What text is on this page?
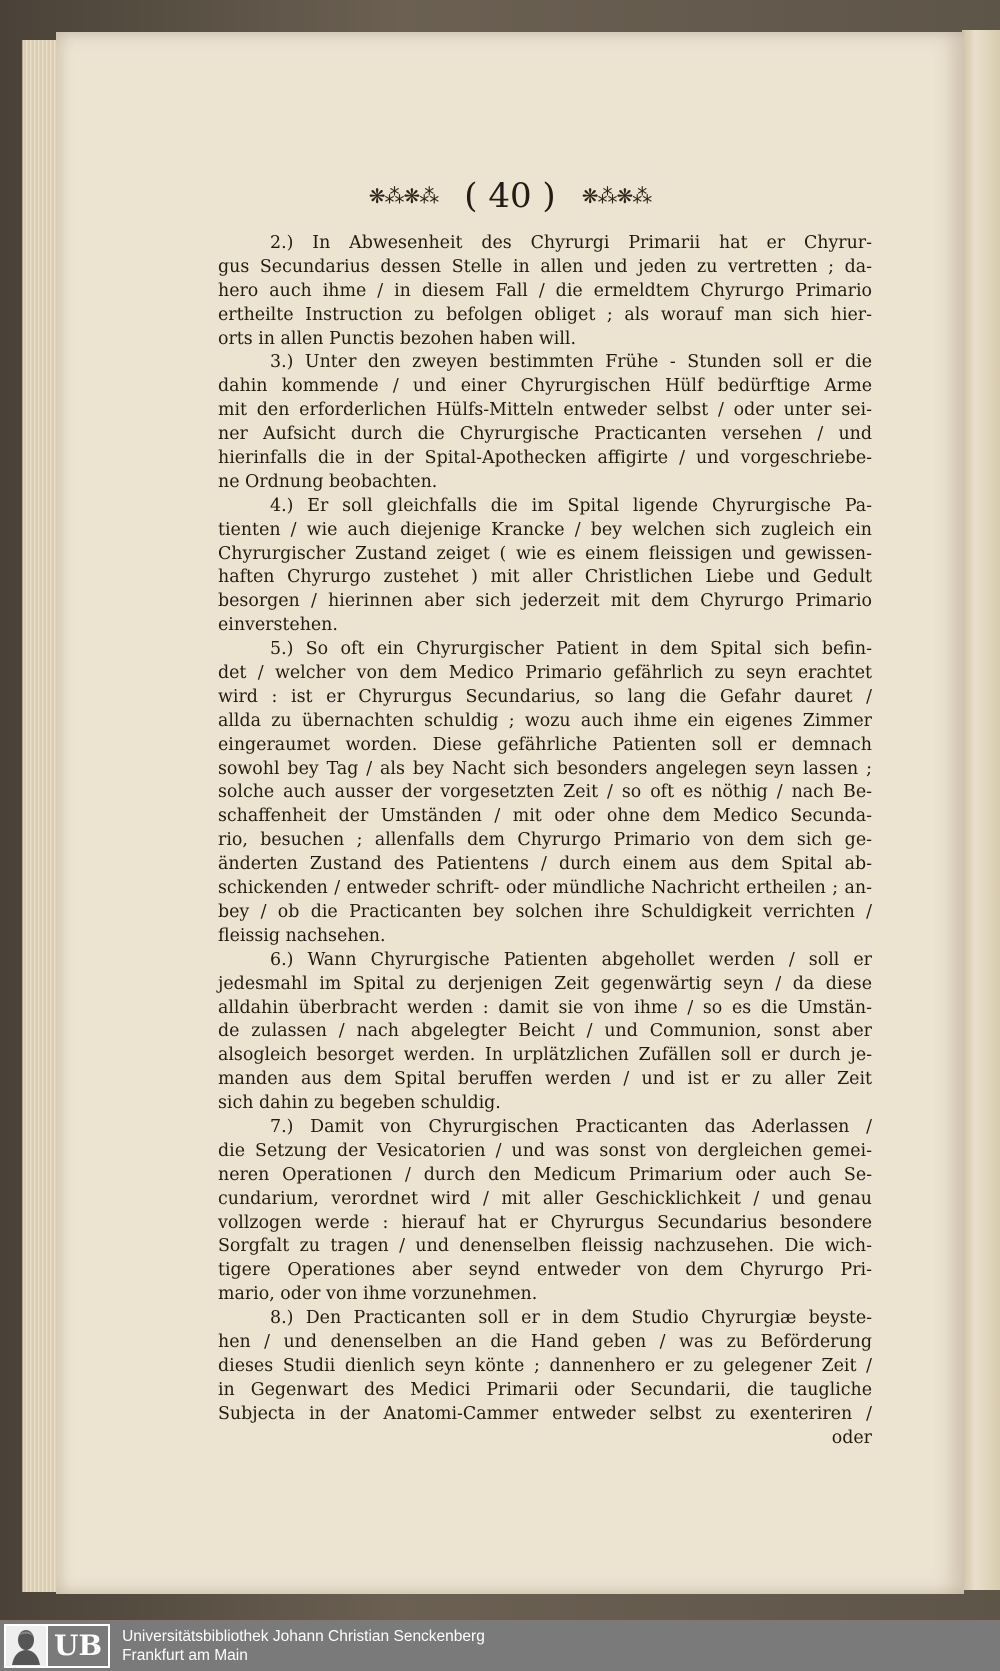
❋⁂❋⁂ ( 40 ) ❋⁂❋⁂
2.) In Abwesenheit des Chyrurgi Primarii hat er Chyrur-
gus Secundarius dessen Stelle in allen und jeden zu vertretten ; da-
hero auch ihme / in diesem Fall / die ermeldtem Chyrurgo Primario
ertheilte Instruction zu befolgen obliget ; als worauf man sich hier-
orts in allen Punctis bezohen haben will.
3.) Unter den zweyen bestimmten Frühe - Stunden soll er die
dahin kommende / und einer Chyrurgischen Hülf bedürftige Arme
mit den erforderlichen Hülfs-Mitteln entweder selbst / oder unter sei-
ner Aufsicht durch die Chyrurgische Practicanten versehen / und
hierinfalls die in der Spital-Apothecken affigirte / und vorgeschriebe-
ne Ordnung beobachten.
4.) Er soll gleichfalls die im Spital ligende Chyrurgische Pa-
tienten / wie auch diejenige Krancke / bey welchen sich zugleich ein
Chyrurgischer Zustand zeiget ( wie es einem fleissigen und gewissen-
haften Chyrurgo zustehet ) mit aller Christlichen Liebe und Gedult
besorgen / hierinnen aber sich jederzeit mit dem Chyrurgo Primario
einverstehen.
5.) So oft ein Chyrurgischer Patient in dem Spital sich befin-
det / welcher von dem Medico Primario gefährlich zu seyn erachtet
wird : ist er Chyrurgus Secundarius, so lang die Gefahr dauret /
allda zu übernachten schuldig ; wozu auch ihme ein eigenes Zimmer
eingeraumet worden. Diese gefährliche Patienten soll er demnach
sowohl bey Tag / als bey Nacht sich besonders angelegen seyn lassen ;
solche auch ausser der vorgesetzten Zeit / so oft es nöthig / nach Be-
schaffenheit der Umständen / mit oder ohne dem Medico Secunda-
rio, besuchen ; allenfalls dem Chyrurgo Primario von dem sich ge-
änderten Zustand des Patientens / durch einem aus dem Spital ab-
schickenden / entweder schrift- oder mündliche Nachricht ertheilen ; an-
bey / ob die Practicanten bey solchen ihre Schuldigkeit verrichten /
fleissig nachsehen.
6.) Wann Chyrurgische Patienten abgehollet werden / soll er
jedesmahl im Spital zu derjenigen Zeit gegenwärtig seyn / da diese
alldahin überbracht werden : damit sie von ihme / so es die Umstän-
de zulassen / nach abgelegter Beicht / und Communion, sonst aber
alsogleich besorget werden. In urplätzlichen Zufällen soll er durch je-
manden aus dem Spital beruffen werden / und ist er zu aller Zeit
sich dahin zu begeben schuldig.
7.) Damit von Chyrurgischen Practicanten das Aderlassen /
die Setzung der Vesicatorien / und was sonst von dergleichen gemei-
neren Operationen / durch den Medicum Primarium oder auch Se-
cundarium, verordnet wird / mit aller Geschicklichkeit / und genau
vollzogen werde : hierauf hat er Chyrurgus Secundarius besondere
Sorgfalt zu tragen / und denenselben fleissig nachzusehen. Die wich-
tigere Operationes aber seynd entweder von dem Chyrurgo Pri-
mario, oder von ihme vorzunehmen.
8.) Den Practicanten soll er in dem Studio Chyrurgiæ beyste-
hen / und denenselben an die Hand geben / was zu Beförderung
dieses Studii dienlich seyn könte ; dannenhero er zu gelegener Zeit /
in Gegenwart des Medici Primarii oder Secundarii, die taugliche
Subjecta in der Anatomi-Cammer entweder selbst zu exenteriren /
oder
UB	Universitätsbibliothek Johann Christian Senckenberg
Frankfurt am Main
